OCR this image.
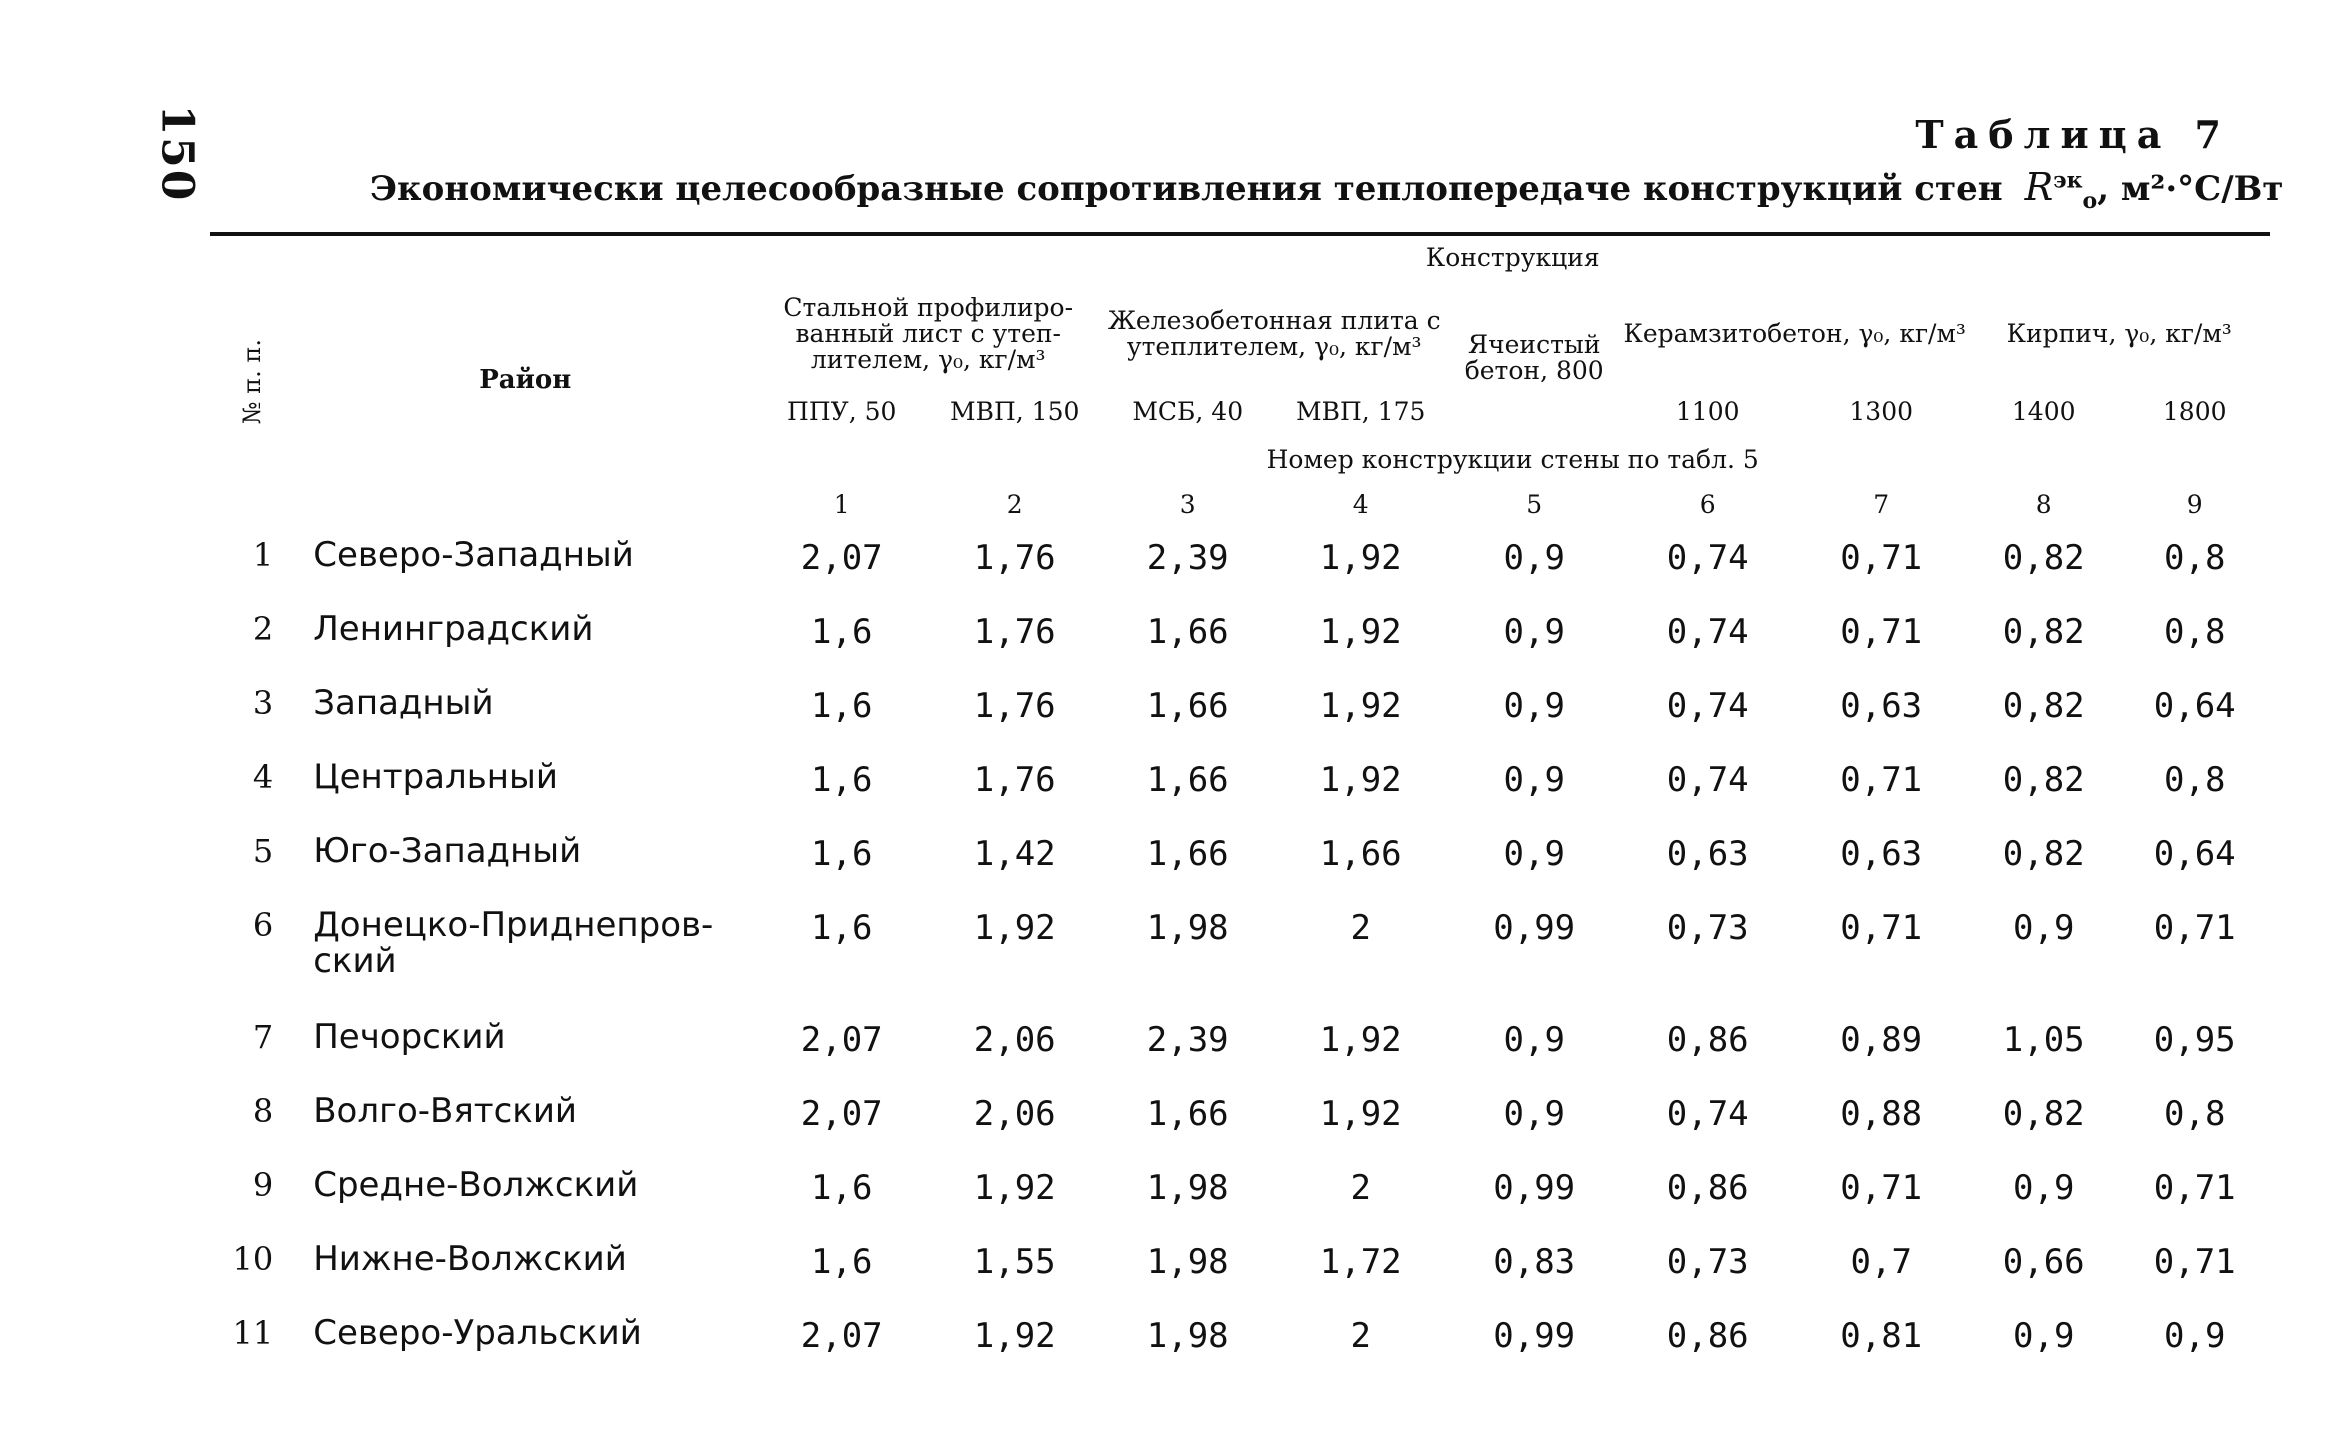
150	Таблица 7
Экономически целесообразные сопротивления теплопередаче конструкций стен $R^{эк}_о$, м²·°С/Вт
№ п. п.	Район	Конструкция								
		Стальной профилиро-ванный лист с утеп-лителем, γ₀, кг/м³		Железобетонная плита с утеплителем, γ₀, кг/м³		Ячеистый бетон, 800	Керамзитобетон, γ₀, кг/м³		Кирпич, γ₀, кг/м³	
		ППУ, 50	МВП, 150	МСБ, 40	МВП, 175		1100	1300	1400	1800
		Номер конструкции стены по табл. 5								
		1	2	3	4	5	6	7	8	9

1	Северо-Западный	2,07	1,76	2,39	1,92	0,9	0,74	0,71	0,82	0,8
2	Ленинградский	1,6	1,76	1,66	1,92	0,9	0,74	0,71	0,82	0,8
3	Западный	1,6	1,76	1,66	1,92	0,9	0,74	0,63	0,82	0,64
4	Центральный	1,6	1,76	1,66	1,92	0,9	0,74	0,71	0,82	0,8
5	Юго-Западный	1,6	1,42	1,66	1,66	0,9	0,63	0,63	0,82	0,64
6	Донецко-Приднепров-ский	1,6	1,92	1,98	2	0,99	0,73	0,71	0,9	0,71
7	Печорский	2,07	2,06	2,39	1,92	0,9	0,86	0,89	1,05	0,95
8	Волго-Вятский	2,07	2,06	1,66	1,92	0,9	0,74	0,88	0,82	0,8
9	Средне-Волжский	1,6	1,92	1,98	2	0,99	0,86	0,71	0,9	0,71
10	Нижне-Волжский	1,6	1,55	1,98	1,72	0,83	0,73	0,7	0,66	0,71
11	Северо-Уральский	2,07	1,92	1,98	2	0,99	0,86	0,81	0,9	0,9
